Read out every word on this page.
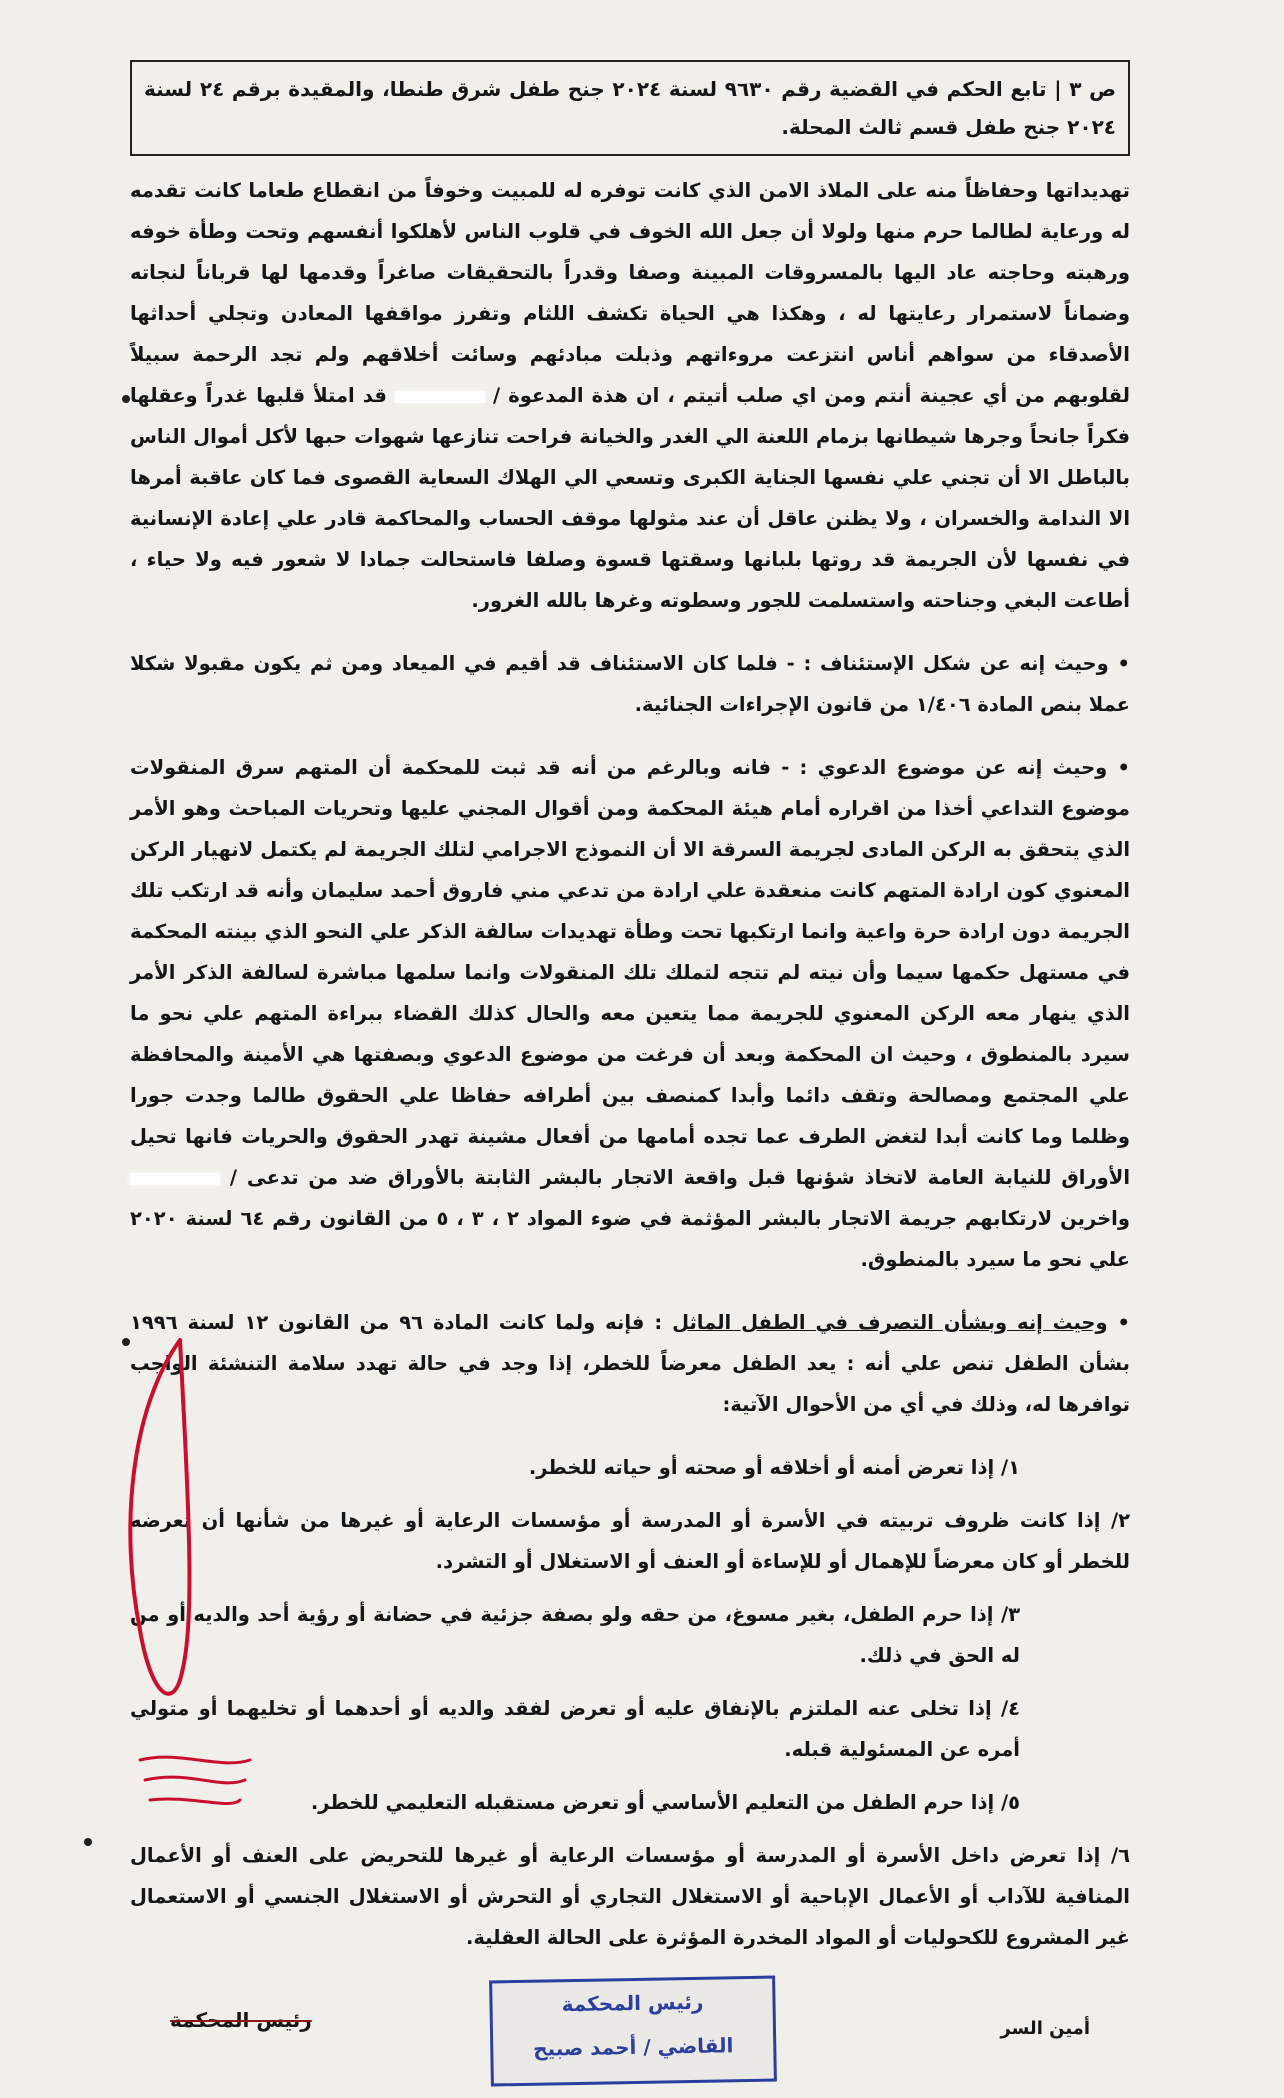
ص ٣ | تابع الحكم في القضية رقم ٩٦٣٠ لسنة ٢٠٢٤ جنح طفل شرق طنطا، والمقيدة برقم ٢٤ لسنة ٢٠٢٤ جنح طفل قسم ثالث المحلة.

تهديداتها وحفاظاً منه على الملاذ الامن الذي كانت توفره له للمبيت وخوفاً من انقطاع طعاما كانت تقدمه له ورعاية لطالما حرم منها ولولا أن جعل الله الخوف في قلوب الناس لأهلكوا أنفسهم وتحت وطأة خوفه ورهبته وحاجته عاد اليها بالمسروقات المبينة وصفا وقدراً بالتحقيقات صاغراً وقدمها لها قرباناً لنجاته وضماناً لاستمرار رعايتها له ، وهكذا هي الحياة تكشف اللثام وتفرز مواقفها المعادن وتجلي أحداثها الأصدقاء من سواهم أناس انتزعت مروءاتهم وذبلت مبادئهم وسائت أخلاقهم ولم تجد الرحمة سبيلاً لقلوبهم من أي عجينة أنتم ومن اي صلب أتيتم ، ان هذة المدعوة /  قد امتلأ قلبها غدراً وعقلها فكراً جانحاً وجرها شيطانها بزمام اللعنة الي الغدر والخيانة فراحت تنازعها شهوات حبها لأكل أموال الناس بالباطل الا أن تجني علي نفسها الجناية الكبرى وتسعي الي الهلاك السعاية القصوى فما كان عاقبة أمرها الا الندامة والخسران ، ولا يظنن عاقل أن عند مثولها موقف الحساب والمحاكمة قادر علي إعادة الإنسانية في نفسها لأن الجريمة قد روتها بلبانها وسقتها قسوة وصلفا فاستحالت جمادا لا شعور فيه ولا حياء ، أطاعت البغي وجناحته واستسلمت للجور وسطوته وغرها بالله الغرور.

• وحيث إنه عن شكل الإستئناف : - فلما كان الاستئناف قد أقيم في الميعاد ومن ثم يكون مقبولا شكلا عملا بنص المادة ١/٤٠٦ من قانون الإجراءات الجنائية.

• وحيث إنه عن موضوع الدعوي : - فانه وبالرغم من أنه قد ثبت للمحكمة أن المتهم سرق المنقولات موضوع التداعي أخذا من اقراره أمام هيئة المحكمة ومن أقوال المجني عليها وتحريات المباحث وهو الأمر الذي يتحقق به الركن المادى لجريمة السرقة الا أن النموذج الاجرامي لتلك الجريمة لم يكتمل لانهيار الركن المعنوي كون ارادة المتهم كانت منعقدة علي ارادة من تدعي مني فاروق أحمد سليمان وأنه قد ارتكب تلك الجريمة دون ارادة حرة واعية وانما ارتكبها تحت وطأة تهديدات سالفة الذكر علي النحو الذي بينته المحكمة في مستهل حكمها سيما وأن نيته لم تتجه لتملك تلك المنقولات وانما سلمها مباشرة لسالفة الذكر الأمر الذي ينهار معه الركن المعنوي للجريمة مما يتعين معه والحال كذلك القضاء ببراءة المتهم علي نحو ما سيرد بالمنطوق ، وحيث ان المحكمة وبعد أن فرغت من موضوع الدعوي وبصفتها هي الأمينة والمحافظة علي المجتمع ومصالحة وتقف دائما وأبدا كمنصف بين أطرافه حفاظا علي الحقوق طالما وجدت جورا وظلما وما كانت أبدا لتغض الطرف عما تجده أمامها من أفعال مشينة تهدر الحقوق والحريات فانها تحيل الأوراق للنيابة العامة لاتخاذ شؤنها قبل واقعة الاتجار بالبشر الثابتة بالأوراق ضد من تدعى /  واخرين لارتكابهم جريمة الاتجار بالبشر المؤثمة في ضوء المواد ٢ ، ٣ ، ٥ من القانون رقم ٦٤ لسنة ٢٠٢٠ علي نحو ما سيرد بالمنطوق.

• وحيث إنه وبشأن التصرف في الطفل الماثل : فإنه ولما كانت المادة ٩٦ من القانون ١٢ لسنة ١٩٩٦ بشأن الطفل تنص علي أنه : يعد الطفل معرضاً للخطر، إذا وجد في حالة تهدد سلامة التنشئة الواجب توافرها له، وذلك في أي من الأحوال الآتية:

١/ إذا تعرض أمنه أو أخلاقه أو صحته أو حياته للخطر.

٢/ إذا كانت ظروف تربيته في الأسرة أو المدرسة أو مؤسسات الرعاية أو غيرها من شأنها أن تعرضه للخطر أو كان معرضاً للإهمال أو للإساءة أو العنف أو الاستغلال أو التشرد.

٣/ إذا حرم الطفل، بغير مسوغ، من حقه ولو بصفة جزئية في حضانة أو رؤية أحد والديه أو من له الحق في ذلك.

٤/ إذا تخلى عنه الملتزم بالإنفاق عليه أو تعرض لفقد والديه أو أحدهما أو تخليهما أو متولي أمره عن المسئولية قبله.

٥/ إذا حرم الطفل من التعليم الأساسي أو تعرض مستقبله التعليمي للخطر.

٦/ إذا تعرض داخل الأسرة أو المدرسة أو مؤسسات الرعاية أو غيرها للتحريض على العنف أو الأعمال المنافية للآداب أو الأعمال الإباحية أو الاستغلال التجاري أو التحرش أو الاستغلال الجنسي أو الاستعمال غير المشروع للكحوليات أو المواد المخدرة المؤثرة على الحالة العقلية.

أمين السر
رئيس المحكمة
القاضي / أحمد صبيح
رئيس المحكمة
